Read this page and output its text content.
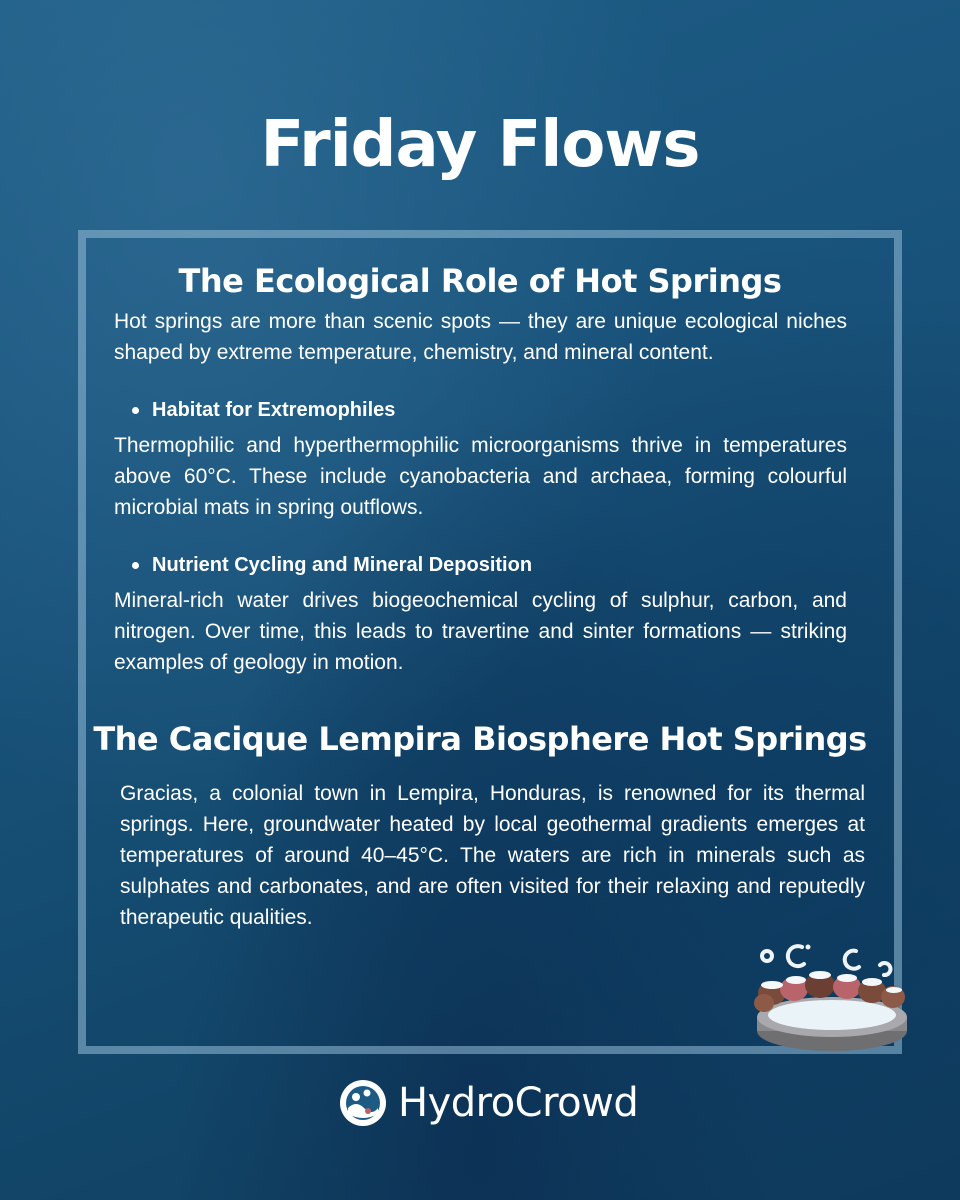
Friday Flows
The Ecological Role of Hot Springs

Hot springs are more than scenic spots — they are unique ecological niches shaped by extreme temperature, chemistry, and mineral content.

Habitat for Extremophiles

Thermophilic and hyperthermophilic microorganisms thrive in temperatures above 60°C. These include cyanobacteria and archaea, forming colourful microbial mats in spring outflows.

Nutrient Cycling and Mineral Deposition

Mineral-rich water drives biogeochemical cycling of sulphur, carbon, and nitrogen. Over time, this leads to travertine and sinter formations — striking examples of geology in motion.

The Cacique Lempira Biosphere Hot Springs

Gracias, a colonial town in Lempira, Honduras, is renowned for its thermal springs. Here, groundwater heated by local geothermal gradients emerges at temperatures of around 40–45°C. The waters are rich in minerals such as sulphates and carbonates, and are often visited for their relaxing and reputedly therapeutic qualities.

HydroCrowd
